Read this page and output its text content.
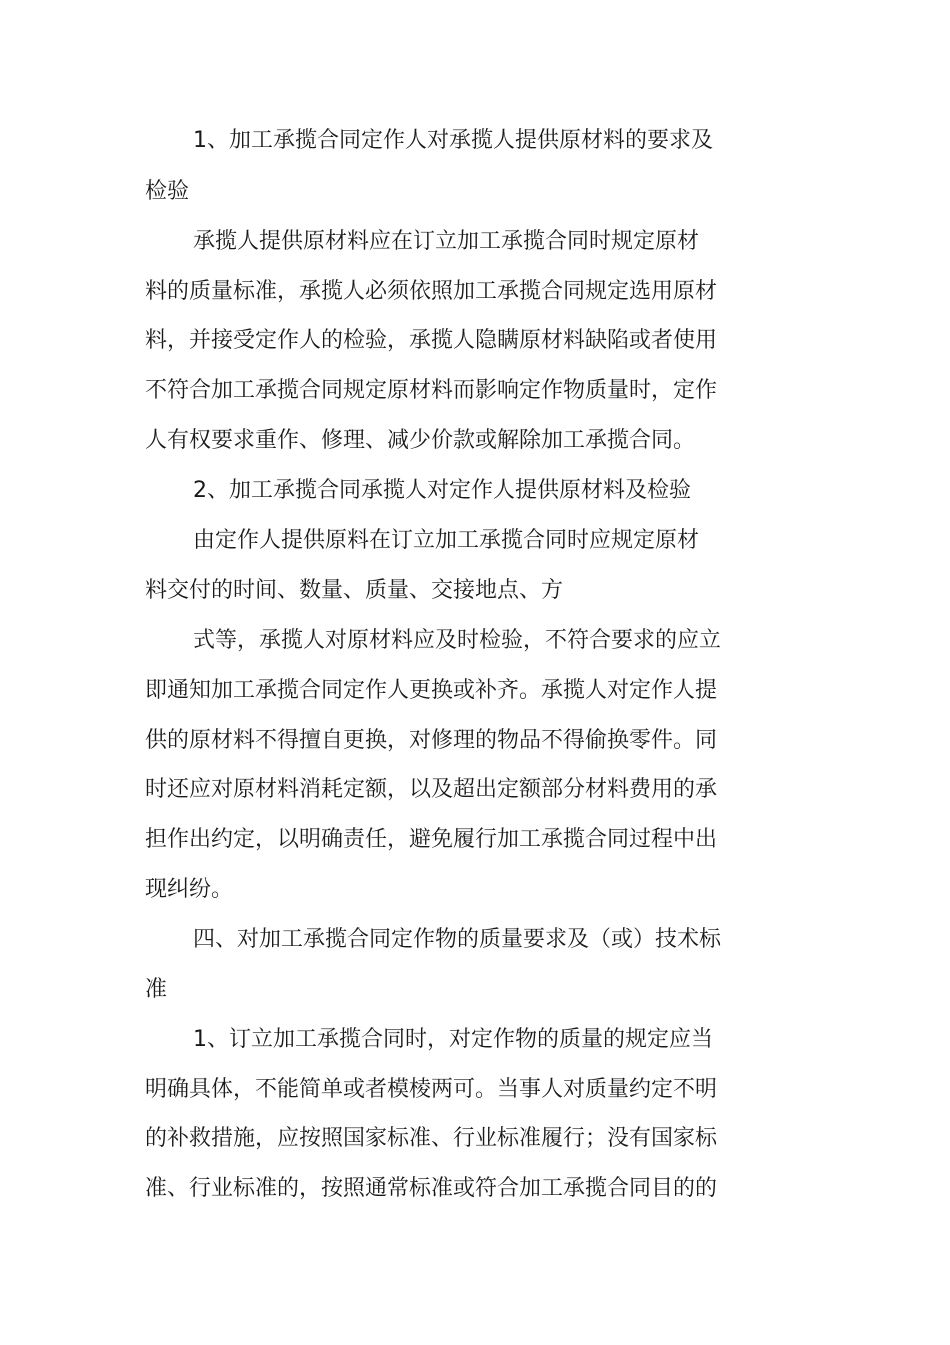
1、加工承揽合同定作人对承揽人提供原材料的要求及
检验
承揽人提供原材料应在订立加工承揽合同时规定原材
料的质量标准，承揽人必须依照加工承揽合同规定选用原材
料，并接受定作人的检验，承揽人隐瞒原材料缺陷或者使用
不符合加工承揽合同规定原材料而影响定作物质量时，定作
人有权要求重作、修理、减少价款或解除加工承揽合同。
2、加工承揽合同承揽人对定作人提供原材料及检验
由定作人提供原料在订立加工承揽合同时应规定原材
料交付的时间、数量、质量、交接地点、方
式等，承揽人对原材料应及时检验，不符合要求的应立
即通知加工承揽合同定作人更换或补齐。承揽人对定作人提
供的原材料不得擅自更换，对修理的物品不得偷换零件。同
时还应对原材料消耗定额，以及超出定额部分材料费用的承
担作出约定，以明确责任，避免履行加工承揽合同过程中出
现纠纷。
四、对加工承揽合同定作物的质量要求及（或）技术标
准
1、订立加工承揽合同时，对定作物的质量的规定应当
明确具体，不能简单或者模棱两可。当事人对质量约定不明
的补救措施，应按照国家标准、行业标准履行；没有国家标
准、行业标准的，按照通常标准或符合加工承揽合同目的的
